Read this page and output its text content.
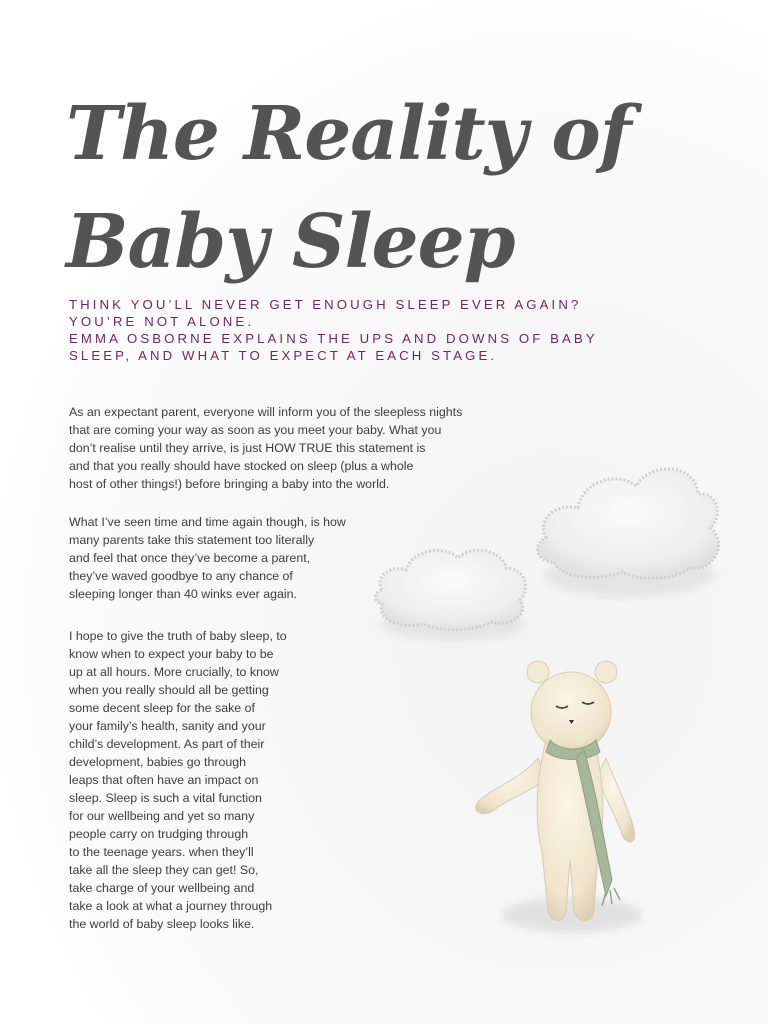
The Reality of
Baby Sleep

THINK YOU’LL NEVER GET ENOUGH SLEEP EVER AGAIN?
YOU’RE NOT ALONE.
EMMA OSBORNE EXPLAINS THE UPS AND DOWNS OF BABY
SLEEP, AND WHAT TO EXPECT AT EACH STAGE.

As an expectant parent, everyone will inform you of the sleepless nights
that are coming your way as soon as you meet your baby. What you
don’t realise until they arrive, is just HOW TRUE this statement is
and that you really should have stocked on sleep (plus a whole
host of other things!) before bringing a baby into the world.

What I’ve seen time and time again though, is how
many parents take this statement too literally
and feel that once they’ve become a parent,
they’ve waved goodbye to any chance of
sleeping longer than 40 winks ever again.

I hope to give the truth of baby sleep, to
know when to expect your baby to be
up at all hours. More crucially, to know
when you really should all be getting
some decent sleep for the sake of
your family’s health, sanity and your
child’s development. As part of their
development, babies go through
leaps that often have an impact on
sleep. Sleep is such a vital function
for our wellbeing and yet so many
people carry on trudging through
to the teenage years. when they’ll
take all the sleep they can get! So,
take charge of your wellbeing and
take a look at what a journey through
the world of baby sleep looks like.
